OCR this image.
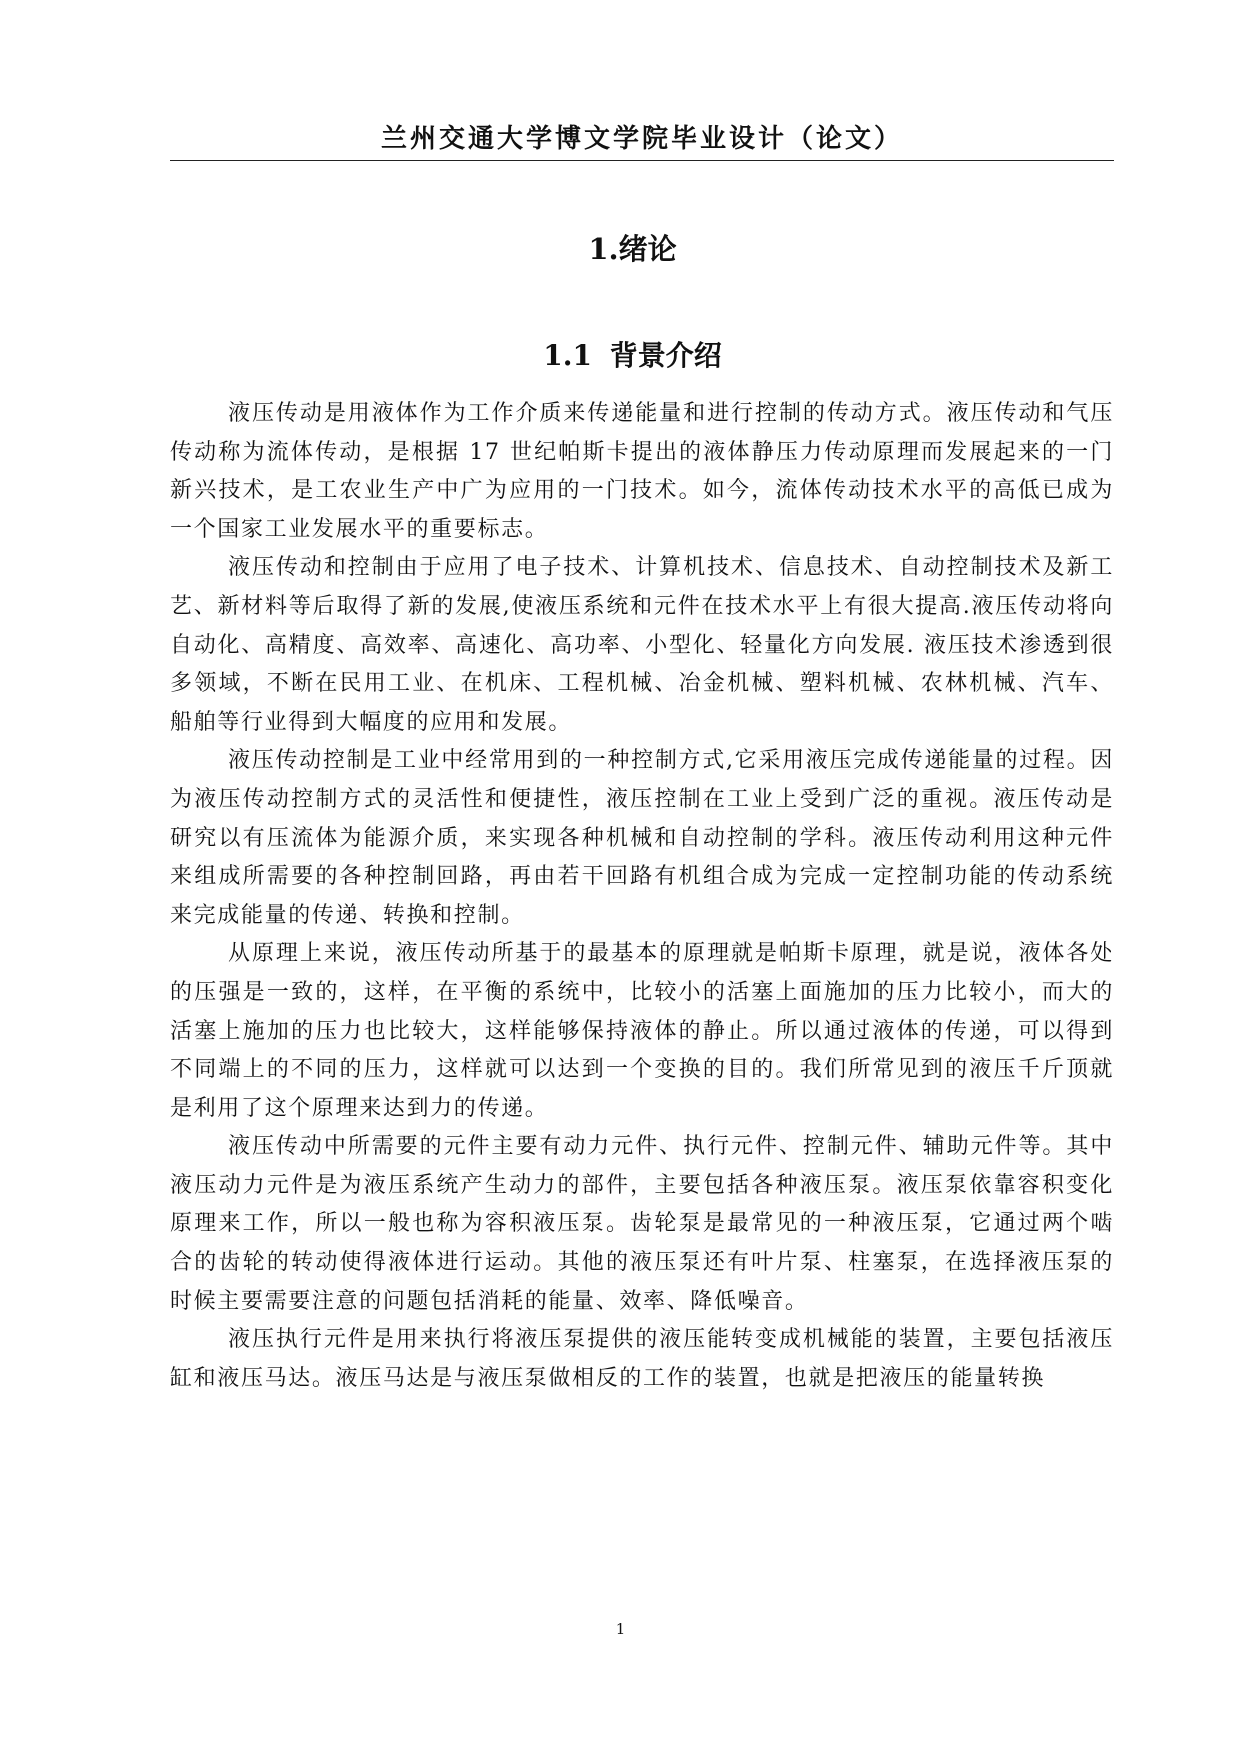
兰州交通大学博文学院毕业设计（论文）
1.绪论
1.1 背景介绍

液压传动是用液体作为工作介质来传递能量和进行控制的传动方式。液压传动和气压传动称为流体传动，是根据 17 世纪帕斯卡提出的液体静压力传动原理而发展起来的一门新兴技术，是工农业生产中广为应用的一门技术。如今，流体传动技术水平的高低已成为一个国家工业发展水平的重要标志。

液压传动和控制由于应用了电子技术、计算机技术、信息技术、自动控制技术及新工艺、新材料等后取得了新的发展,使液压系统和元件在技术水平上有很大提高.液压传动将向自动化、高精度、高效率、高速化、高功率、小型化、轻量化方向发展. 液压技术渗透到很多领域，不断在民用工业、在机床、工程机械、冶金机械、塑料机械、农林机械、汽车、船舶等行业得到大幅度的应用和发展。

液压传动控制是工业中经常用到的一种控制方式,它采用液压完成传递能量的过程。因为液压传动控制方式的灵活性和便捷性，液压控制在工业上受到广泛的重视。液压传动是研究以有压流体为能源介质，来实现各种机械和自动控制的学科。液压传动利用这种元件来组成所需要的各种控制回路，再由若干回路有机组合成为完成一定控制功能的传动系统来完成能量的传递、转换和控制。

从原理上来说，液压传动所基于的最基本的原理就是帕斯卡原理，就是说，液体各处的压强是一致的，这样，在平衡的系统中，比较小的活塞上面施加的压力比较小，而大的活塞上施加的压力也比较大，这样能够保持液体的静止。所以通过液体的传递，可以得到不同端上的不同的压力，这样就可以达到一个变换的目的。我们所常见到的液压千斤顶就是利用了这个原理来达到力的传递。

液压传动中所需要的元件主要有动力元件、执行元件、控制元件、辅助元件等。其中液压动力元件是为液压系统产生动力的部件，主要包括各种液压泵。液压泵依靠容积变化原理来工作，所以一般也称为容积液压泵。齿轮泵是最常见的一种液压泵，它通过两个啮合的齿轮的转动使得液体进行运动。其他的液压泵还有叶片泵、柱塞泵，在选择液压泵的时候主要需要注意的问题包括消耗的能量、效率、降低噪音。

液压执行元件是用来执行将液压泵提供的液压能转变成机械能的装置，主要包括液压缸和液压马达。液压马达是与液压泵做相反的工作的装置，也就是把液压的能量转换

1
